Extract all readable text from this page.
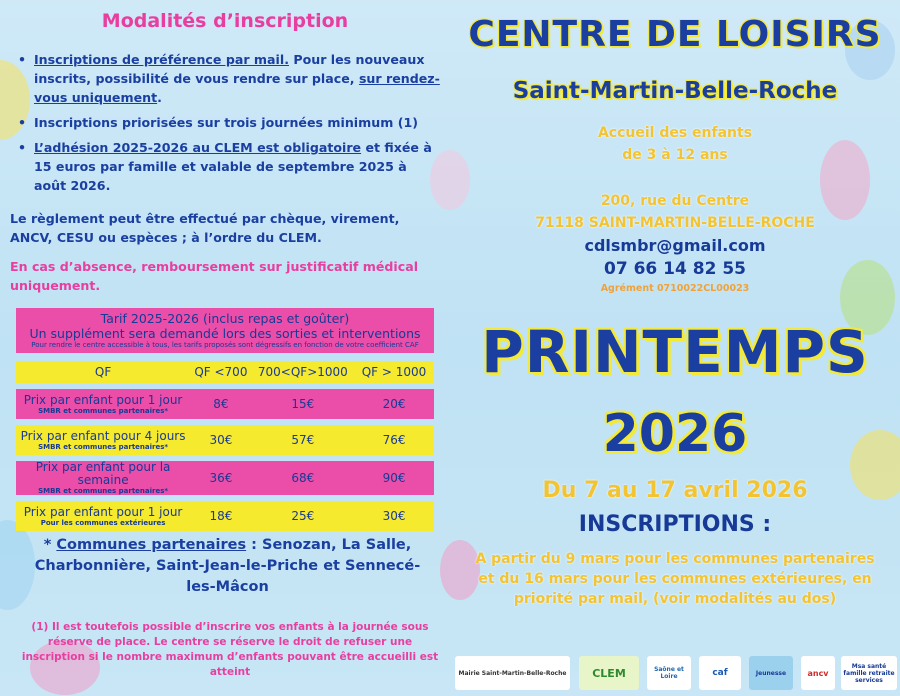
Modalités d’inscription
• Inscriptions de préférence par mail. Pour les nouveaux inscrits, possibilité de vous rendre sur place, sur rendez-vous uniquement.
• Inscriptions priorisées sur trois journées minimum (1)
• L’adhésion 2025-2026 au CLEM est obligatoire et fixée à 15 euros par famille et valable de septembre 2025 à août 2026.
Le règlement peut être effectué par chèque, virement, ANCV, CESU ou espèces ; à l’ordre du CLEM.
En cas d’absence, remboursement sur justificatif médical uniquement.
Tarif 2025-2026 (inclus repas et goûter)
Un supplément sera demandé lors des sorties et interventions
Pour rendre le centre accessible à tous, les tarifs proposés sont dégressifs en fonction de votre coefficient CAF
QF	QF <700	700<QF>1000	QF > 1000

Prix par enfant pour 1 jour
SMBR et communes partenaires*	8€	15€	20€

Prix par enfant pour 4 jours
SMBR et communes partenaires*	30€	57€	76€

Prix par enfant pour la semaine
SMBR et communes partenaires*	36€	68€	90€

Prix par enfant pour 1 jour
Pour les communes extérieures	18€	25€	30€
* Communes partenaires : Senozan, La Salle, Charbonnière, Saint-Jean-le-Priche et Sennecé-les-Mâcon
(1) Il est toutefois possible d’inscrire vos enfants à la journée sous réserve de place. Le centre se réserve le droit de refuser une inscription si le nombre maximum d’enfants pouvant être accueilli est atteint
CENTRE DE LOISIRS
Saint-Martin-Belle-Roche
Accueil des enfants
de 3 à 12 ans
200, rue du Centre
71118 SAINT-MARTIN-BELLE-ROCHE
cdlsmbr@gmail.com
07 66 14 82 55
Agrément 0710022CL00023
PRINTEMPS
2026
Du 7 au 17 avril 2026
INSCRIPTIONS :
A partir du 9 mars pour les communes partenaires et du 16 mars pour les communes extérieures, en priorité par mail, (voir modalités au dos)
Mairie Saint-Martin-Belle-Roche	CLEM	Saône et Loire	caf	Jeunesse	ancv
Msa santé famille retraite services
